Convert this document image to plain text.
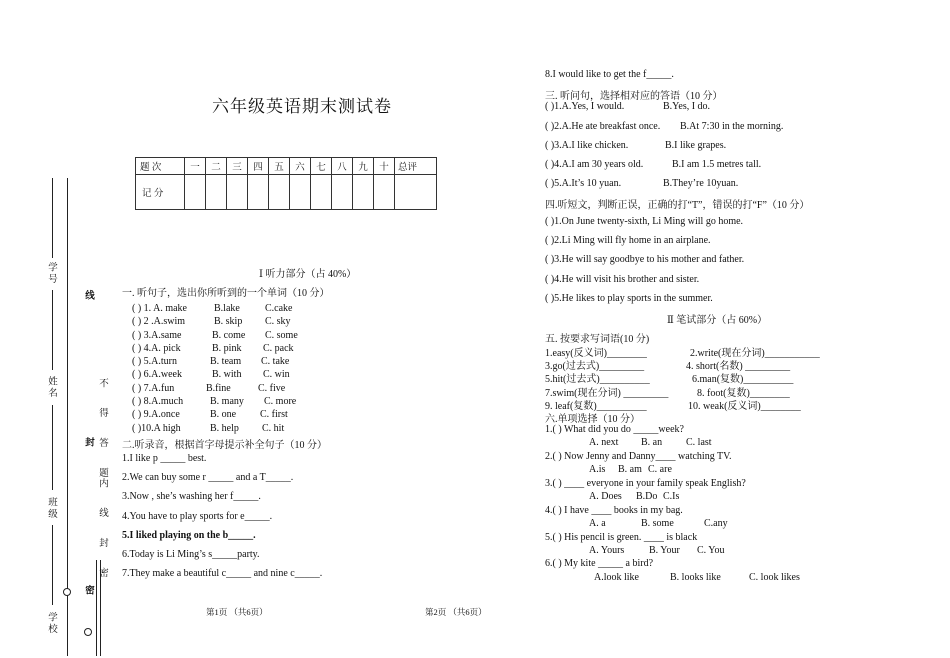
学号
姓名
班级
学校
线
封
密
不 得 答 题
内 线 封 密
六年级英语期末测试卷
题 次	一	二	三	四	五	六	七	八	九	十	总评
记 分											
Ⅰ 听力部分（占 40%）
一. 听句子，选出你所听到的一个单词（10 分）
( ) 1. A. make	B.lake	C.cake
( ) 2 .A.swim	B. skip C. sky
( ) 3.A.same	B. come C. some
( ) 4.A. pick	B. pink C. pack
( ) 5.A.turn	B. team C. take
( ) 6.A.week	B. with C. win
( ) 7.A.fun	B.fine	C. five
( ) 8.A.much	B. many C. more
( ) 9.A.once	B. one C. first
( )10.A high	B. help C. hit
二.听录音，根据首字母提示补全句子（10 分）
1.I like p _____ best.
2.We can buy some r _____ and a T_____.
3.Now , she’s washing her f_____.
4.You have to play sports for e_____.
5.I liked playing on the b_____.
6.Today is Li Ming’s s_____party.
7.They make a beautiful c_____ and nine c_____.
第1页 （共6页）	第2页 （共6页）
8.I would like to get the f_____.
三. 听问句，选择相对应的答语（10 分）
( )1.A.Yes, I would.	B.Yes, I do.
( )2.A.He ate breakfast once. B.At 7:30 in the morning.
( )3.A.I like chicken.	B.I like grapes.
( )4.A.I am 30 years old.	B.I am 1.5 metres tall.
( )5.A.It’s 10 yuan.	B.They’re 10yuan.
四.听短文，判断正误，正确的打“T”，错误的打“F”（10 分）
( )1.On June twenty-sixth, Li Ming will go home.
( )2.Li Ming will fly home in an airplane.
( )3.He will say goodbye to his mother and father.
( )4.He will visit his brother and sister.
( )5.He likes to play sports in the summer.
Ⅱ 笔试部分（占 60%）
五. 按要求写词语(10 分)
1.easy(反义词)________	2.write(现在分词)___________
3.go(过去式)_________	4. short(名数) _________
5.hit(过去式)__________	6.man(复数)__________
7.swim(现在分词) _________	8. foot(复数)________
9. leaf(复数)__________	10. weak(反义词)________
六.单项选择（10 分）
1.( ) What did you do _____week?
A. next B. an C. last
2.( ) Now Jenny and Danny____ watching TV.
A.is B. am C. are
3.( ) ____ everyone in your family speak English?
A. Does B.Do C.Is
4.( ) I have ____ books in my bag.
A. a	B. some	C.any
5.( ) His pencil is green. ____ is black
A. Yours B. Your C. You
6.( ) My kite _____ a bird?
A.look like	B. looks like	C. look likes
